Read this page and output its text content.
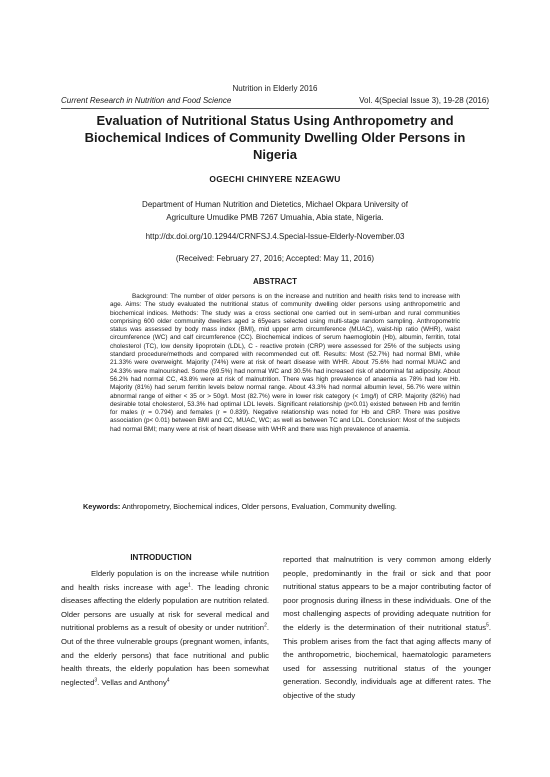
Nutrition in Elderly 2016
Current Research in Nutrition and Food Science	Vol. 4(Special Issue 3), 19-28 (2016)
Evaluation of Nutritional Status Using Anthropometry and Biochemical Indices of Community Dwelling Older Persons in Nigeria
OGECHI CHINYERE NZEAGWU
Department of Human Nutrition and Dietetics, Michael Okpara University of Agriculture Umudike PMB 7267 Umuahia, Abia state, Nigeria.
http://dx.doi.org/10.12944/CRNFSJ.4.Special-Issue-Elderly-November.03
(Received: February 27, 2016; Accepted: May 11, 2016)
ABSTRACT
Background: The number of older persons is on the increase and nutrition and health risks tend to increase with age. Aims: The study evaluated the nutritional status of community dwelling older persons using anthropometric and biochemical indices. Methods: The study was a cross sectional one carried out in semi-urban and rural communities comprising 600 older community dwellers aged ≥ 65years selected using multi-stage random sampling. Anthropometric status was assessed by body mass index (BMI), mid upper arm circumference (MUAC), waist-hip ratio (WHR), waist circumference (WC) and calf circumference (CC). Biochemical indices of serum haemoglobin (Hb), albumin, ferritin, total cholesterol (TC), low density lipoprotein (LDL), C - reactive protein (CRP) were assessed for 25% of the subjects using standard procedure/methods and compared with recommended cut off. Results: Most (52.7%) had normal BMI, while 21.33% were overweight. Majority (74%) were at risk of heart disease with WHR. About 75.6% had normal MUAC and 24.33% were malnourished. Some (69.5%) had normal WC and 30.5% had increased risk of abdominal fat adiposity. About 56.2% had normal CC, 43.8% were at risk of malnutrition. There was high prevalence of anaemia as 78% had low Hb. Majority (81%) had serum ferritin levels below normal range. About 43.3% had normal albumin level, 56.7% were within abnormal range of either < 35 or > 50g/l. Most (82.7%) were in lower risk category (< 1mg/l) of CRP. Majority (82%) had desirable total cholesterol, 53.3% had optimal LDL levels. Significant relationship (p<0.01) existed between Hb and ferritin for males (r = 0.794) and females (r = 0.839). Negative relationship was noted for Hb and CRP. There was positive association (p< 0.01) between BMI and CC, MUAC, WC; as well as between TC and LDL. Conclusion: Most of the subjects had normal BMI; many were at risk of heart disease with WHR and there was high prevalence of anaemia.
Keywords: Anthropometry, Biochemical indices, Older persons, Evaluation, Community dwelling.
INTRODUCTION
Elderly population is on the increase while nutrition and health risks increase with age$^1$. The leading chronic diseases affecting the elderly population are nutrition related. Older persons are usually at risk for several medical and nutritional problems as a result of obesity or under nutrition$^2$. Out of the three vulnerable groups (pregnant women, infants, and the elderly persons) that face nutritional and public health threats, the elderly population has been somewhat neglected$^3$. Vellas and Anthony$^4$
reported that malnutrition is very common among elderly people, predominantly in the frail or sick and that poor nutritional status appears to be a major contributing factor of poor prognosis during illness in these individuals. One of the most challenging aspects of providing adequate nutrition for the elderly is the determination of their nutritional status$^5$. This problem arises from the fact that aging affects many of the anthropometric, biochemical, haematologic parameters used for assessing nutritional status of the younger generation. Secondly, individuals age at different rates. The objective of the study
